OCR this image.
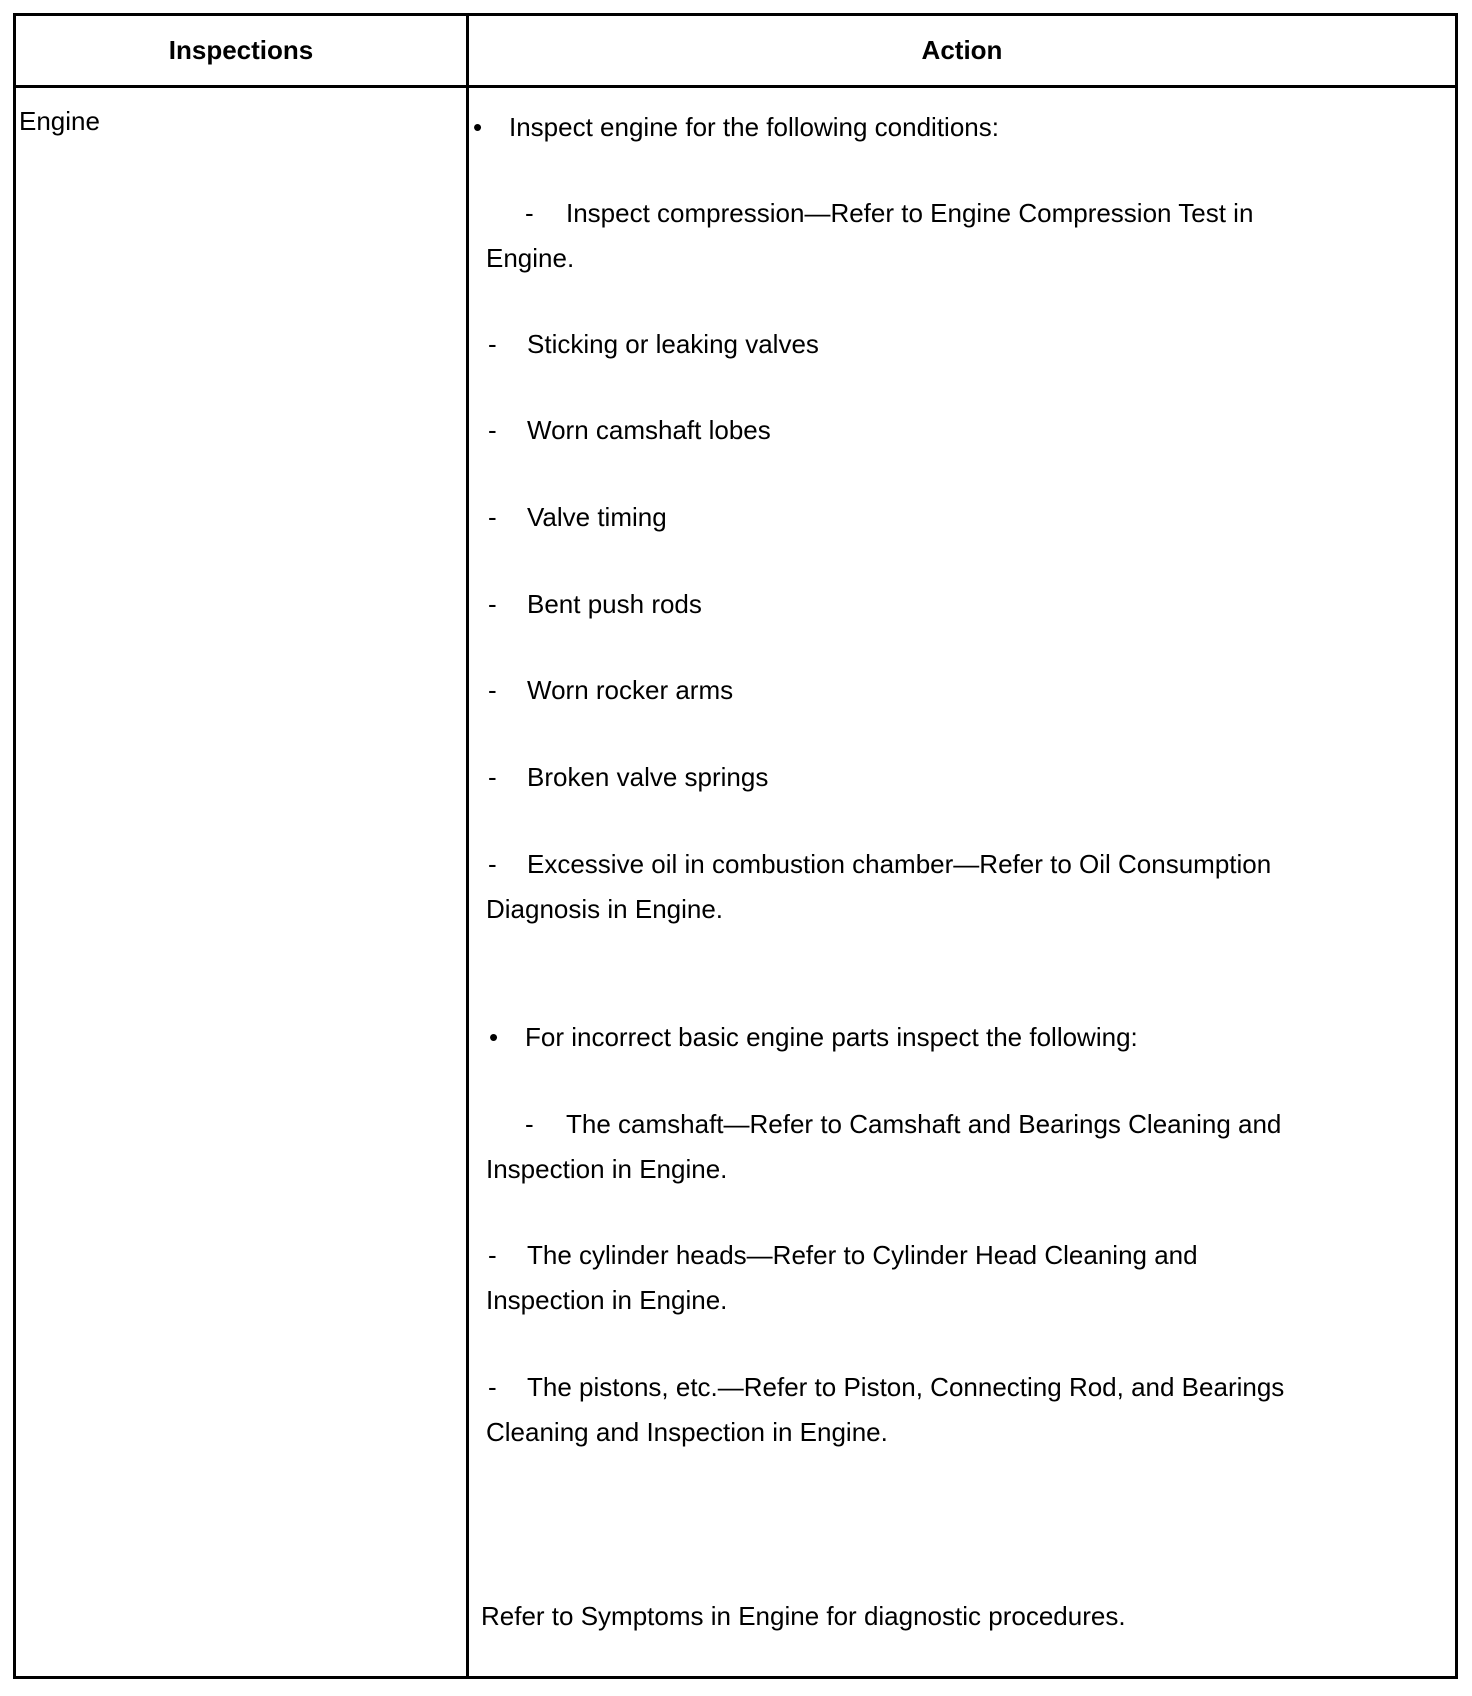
Inspections	Action
Engine	• Inspect engine for the following conditions:
- Inspect compression—Refer to Engine Compression Test in
Engine.
- Sticking or leaking valves
- Worn camshaft lobes
- Valve timing
- Bent push rods
- Worn rocker arms
- Broken valve springs
- Excessive oil in combustion chamber—Refer to Oil Consumption
Diagnosis in Engine.
• For incorrect basic engine parts inspect the following:
- The camshaft—Refer to Camshaft and Bearings Cleaning and
Inspection in Engine.
- The cylinder heads—Refer to Cylinder Head Cleaning and
Inspection in Engine.
- The pistons, etc.—Refer to Piston, Connecting Rod, and Bearings
Cleaning and Inspection in Engine.
Refer to Symptoms in Engine for diagnostic procedures.
